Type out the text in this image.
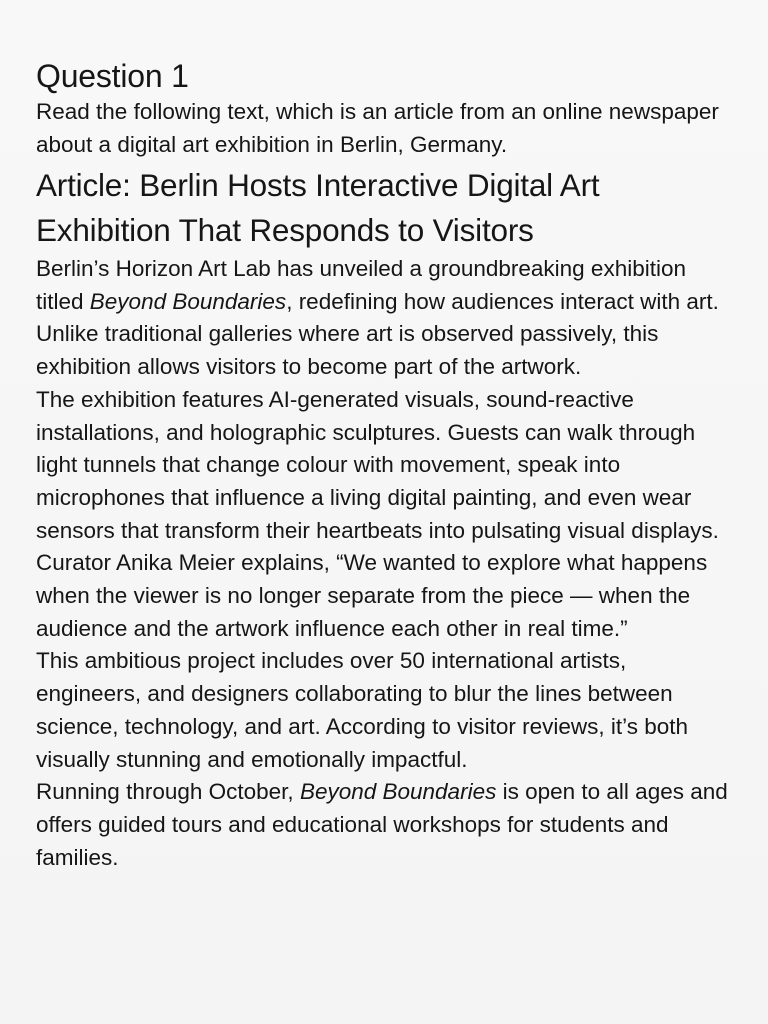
Question 1

Read the following text, which is an article from an online newspaper about a digital art exhibition in Berlin, Germany.

Article: Berlin Hosts Interactive Digital Art Exhibition That Responds to Visitors

Berlin’s Horizon Art Lab has unveiled a groundbreaking exhibition titled Beyond Boundaries, redefining how audiences interact with art. Unlike traditional galleries where art is observed passively, this exhibition allows visitors to become part of the artwork.

The exhibition features AI-generated visuals, sound-reactive installations, and holographic sculptures. Guests can walk through light tunnels that change colour with movement, speak into microphones that influence a living digital painting, and even wear sensors that transform their heartbeats into pulsating visual displays.

Curator Anika Meier explains, “We wanted to explore what happens when the viewer is no longer separate from the piece — when the audience and the artwork influence each other in real time.”

This ambitious project includes over 50 international artists, engineers, and designers collaborating to blur the lines between science, technology, and art. According to visitor reviews, it’s both visually stunning and emotionally impactful.

Running through October, Beyond Boundaries is open to all ages and offers guided tours and educational workshops for students and families.
